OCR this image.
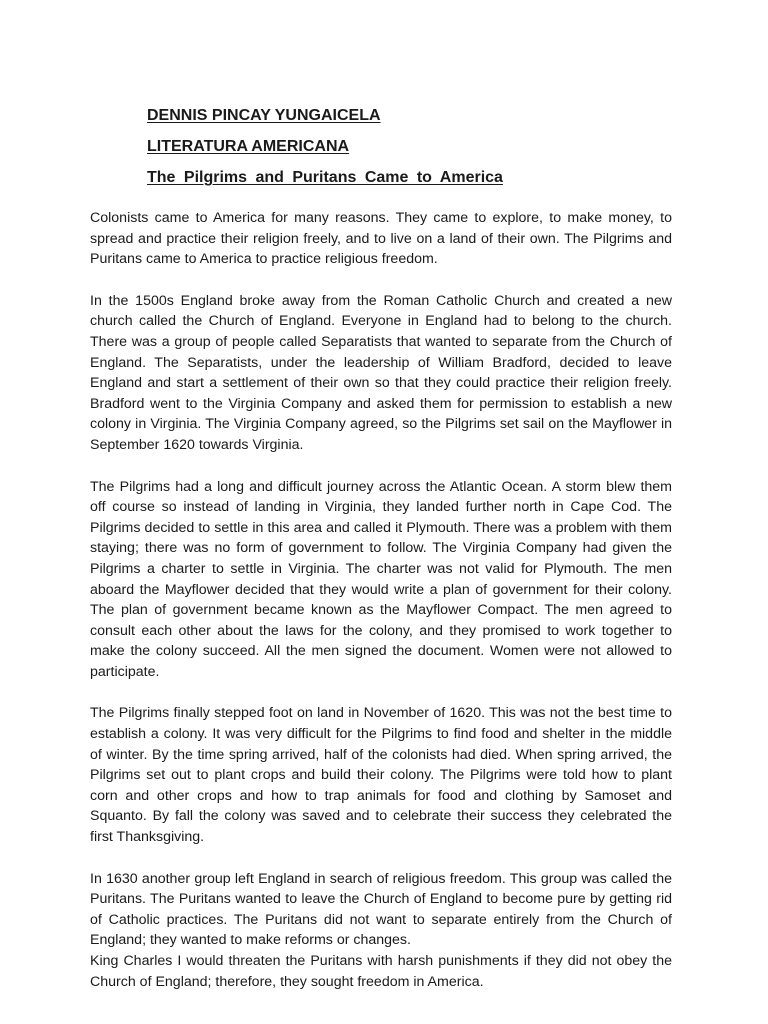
DENNIS PINCAY YUNGAICELA
LITERATURA AMERICANA
The Pilgrims and Puritans Came to America

Colonists came to America for many reasons. They came to explore, to make money, to spread and practice their religion freely, and to live on a land of their own. The Pilgrims and Puritans came to America to practice religious freedom.

In the 1500s England broke away from the Roman Catholic Church and created a new church called the Church of England. Everyone in England had to belong to the church. There was a group of people called Separatists that wanted to separate from the Church of England. The Separatists, under the leadership of William Bradford, decided to leave England and start a settlement of their own so that they could practice their religion freely. Bradford went to the Virginia Company and asked them for permission to establish a new colony in Virginia. The Virginia Company agreed, so the Pilgrims set sail on the Mayflower in September 1620 towards Virginia.

The Pilgrims had a long and difficult journey across the Atlantic Ocean. A storm blew them off course so instead of landing in Virginia, they landed further north in Cape Cod. The Pilgrims decided to settle in this area and called it Plymouth. There was a problem with them staying; there was no form of government to follow. The Virginia Company had given the Pilgrims a charter to settle in Virginia. The charter was not valid for Plymouth. The men aboard the Mayflower decided that they would write a plan of government for their colony. The plan of government became known as the Mayflower Compact. The men agreed to consult each other about the laws for the colony, and they promised to work together to make the colony succeed. All the men signed the document. Women were not allowed to participate.

The Pilgrims finally stepped foot on land in November of 1620. This was not the best time to establish a colony. It was very difficult for the Pilgrims to find food and shelter in the middle of winter. By the time spring arrived, half of the colonists had died. When spring arrived, the Pilgrims set out to plant crops and build their colony. The Pilgrims were told how to plant corn and other crops and how to trap animals for food and clothing by Samoset and Squanto. By fall the colony was saved and to celebrate their success they celebrated the first Thanksgiving.

In 1630 another group left England in search of religious freedom. This group was called the Puritans. The Puritans wanted to leave the Church of England to become pure by getting rid of Catholic practices. The Puritans did not want to separate entirely from the Church of England; they wanted to make reforms or changes.

King Charles I would threaten the Puritans with harsh punishments if they did not obey the Church of England; therefore, they sought freedom in America.
